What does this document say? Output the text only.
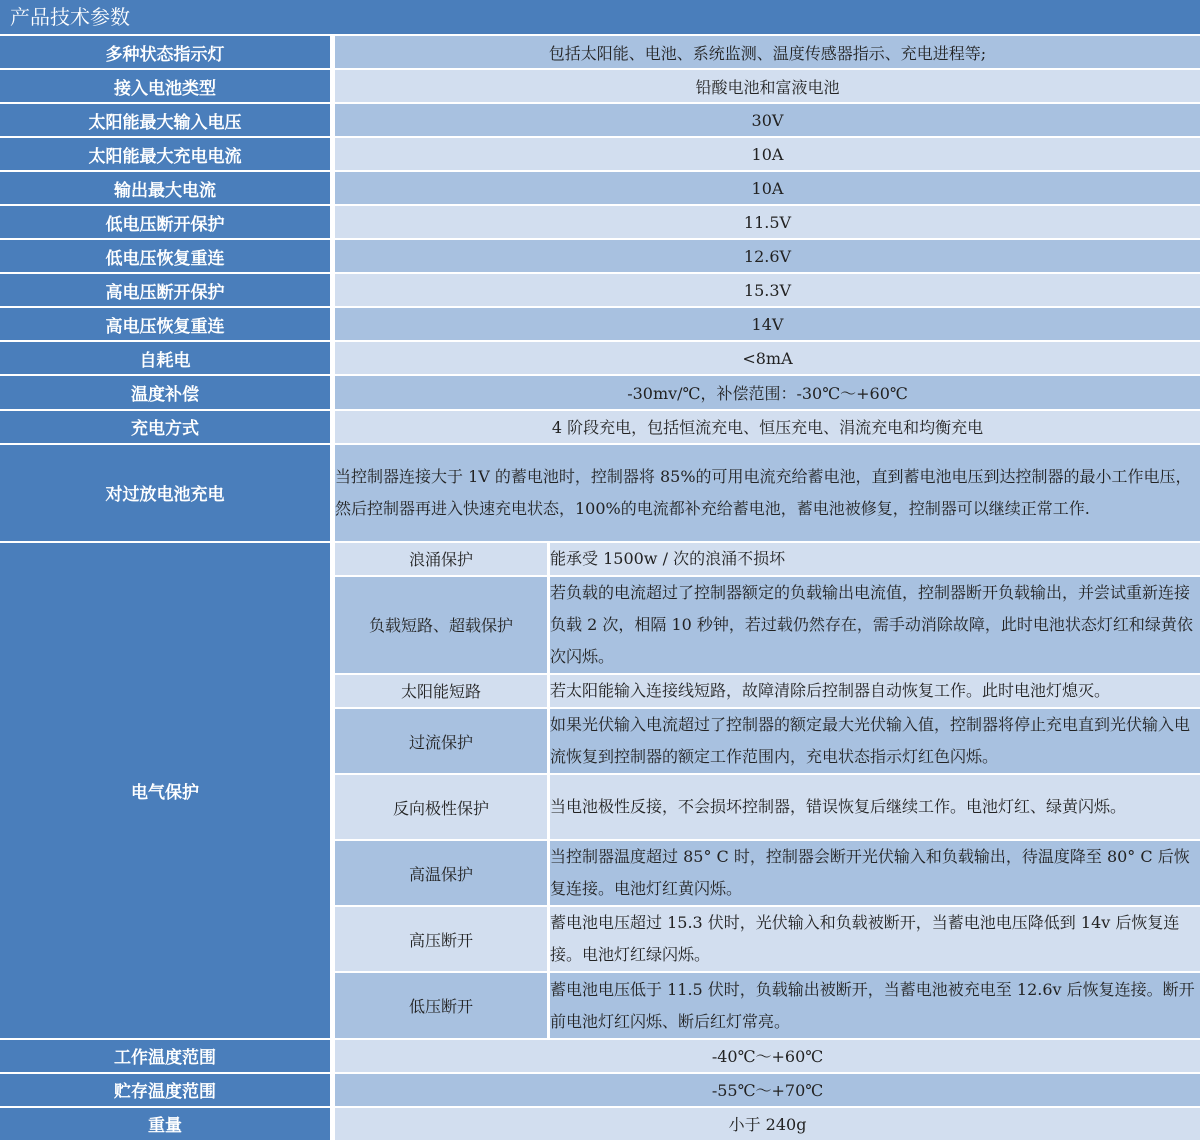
产品技术参数
多种状态指示灯	包括太阳能、电池、系统监测、温度传感器指示、充电进程等;
接入电池类型	铅酸电池和富液电池
太阳能最大输入电压	30V
太阳能最大充电电流	10A
输出最大电流	10A
低电压断开保护	11.5V
低电压恢复重连	12.6V
高电压断开保护	15.3V
高电压恢复重连	14V
自耗电	<8mA
温度补偿	-30mv/℃，补偿范围：-30℃～+60℃
充电方式	4 阶段充电，包括恒流充电、恒压充电、涓流充电和均衡充电
对过放电池充电	当控制器连接大于 1V 的蓄电池时，控制器将 85%的可用电流充给蓄电池，直到蓄电池电压到达控制器的最小工作电压，然后控制器再进入快速充电状态，100%的电流都补充给蓄电池，蓄电池被修复，控制器可以继续正常工作.
电气保护	
浪涌保护	能承受 1500w / 次的浪涌不损坏
负载短路、超载保护	若负载的电流超过了控制器额定的负载输出电流值，控制器断开负载输出，并尝试重新连接负载 2 次，相隔 10 秒钟，若过载仍然存在，需手动消除故障，此时电池状态灯红和绿黄依次闪烁。
太阳能短路	若太阳能输入连接线短路，故障清除后控制器自动恢复工作。此时电池灯熄灭。
过流保护	如果光伏输入电流超过了控制器的额定最大光伏输入值，控制器将停止充电直到光伏输入电流恢复到控制器的额定工作范围内，充电状态指示灯红色闪烁。
反向极性保护	当电池极性反接，不会损坏控制器，错误恢复后继续工作。电池灯红、绿黄闪烁。
高温保护	当控制器温度超过 85° C 时，控制器会断开光伏输入和负载输出，待温度降至 80° C 后恢复连接。电池灯红黄闪烁。
高压断开	蓄电池电压超过 15.3 伏时，光伏输入和负载被断开，当蓄电池电压降低到 14v 后恢复连接。电池灯红绿闪烁。
低压断开	蓄电池电压低于 11.5 伏时，负载输出被断开，当蓄电池被充电至 12.6v 后恢复连接。断开前电池灯红闪烁、断后红灯常亮。

工作温度范围	-40℃～+60℃
贮存温度范围	-55℃～+70℃
重量	小于 240g
